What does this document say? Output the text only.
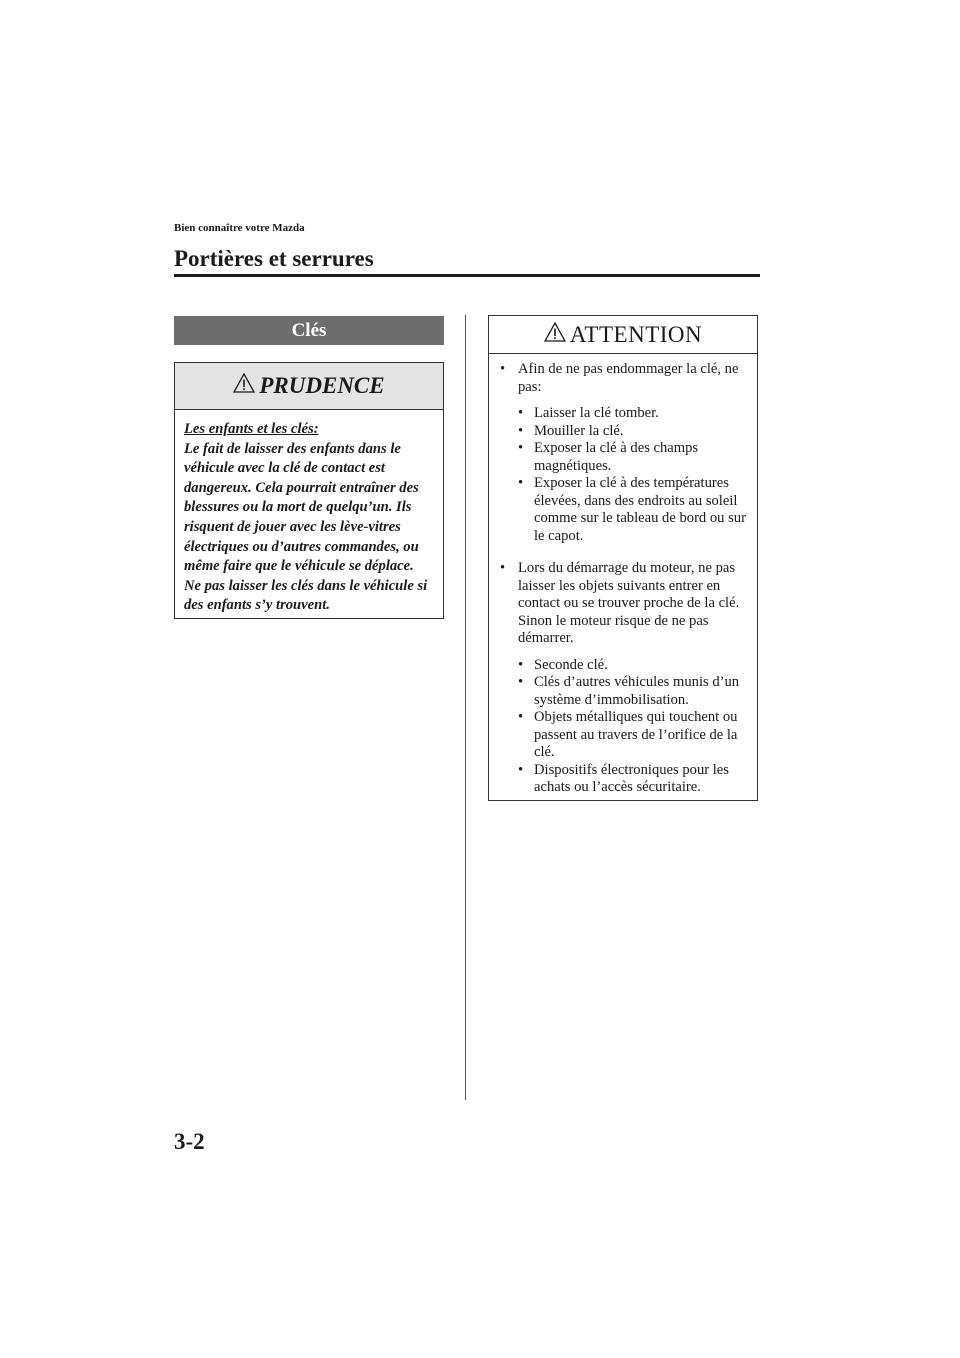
Bien connaître votre Mazda
Portières et serrures
Clés
PRUDENCE
Les enfants et les clés:
Le fait de laisser des enfants dans le véhicule avec la clé de contact est dangereux. Cela pourrait entraîner des blessures ou la mort de quelqu’un. Ils risquent de jouer avec les lève-vitres électriques ou d’autres commandes, ou même faire que le véhicule se déplace. Ne pas laisser les clés dans le véhicule si des enfants s’y trouvent.
ATTENTION
• Afin de ne pas endommager la clé, ne pas:
• Laisser la clé tomber.
• Mouiller la clé.
• Exposer la clé à des champs magnétiques.
• Exposer la clé à des températures élevées, dans des endroits au soleil comme sur le tableau de bord ou sur le capot.
• Lors du démarrage du moteur, ne pas laisser les objets suivants entrer en contact ou se trouver proche de la clé. Sinon le moteur risque de ne pas démarrer.
• Seconde clé.
• Clés d’autres véhicules munis d’un système d’immobilisation.
• Objets métalliques qui touchent ou passent au travers de l’orifice de la clé.
• Dispositifs électroniques pour les achats ou l’accès sécuritaire.
3-2
